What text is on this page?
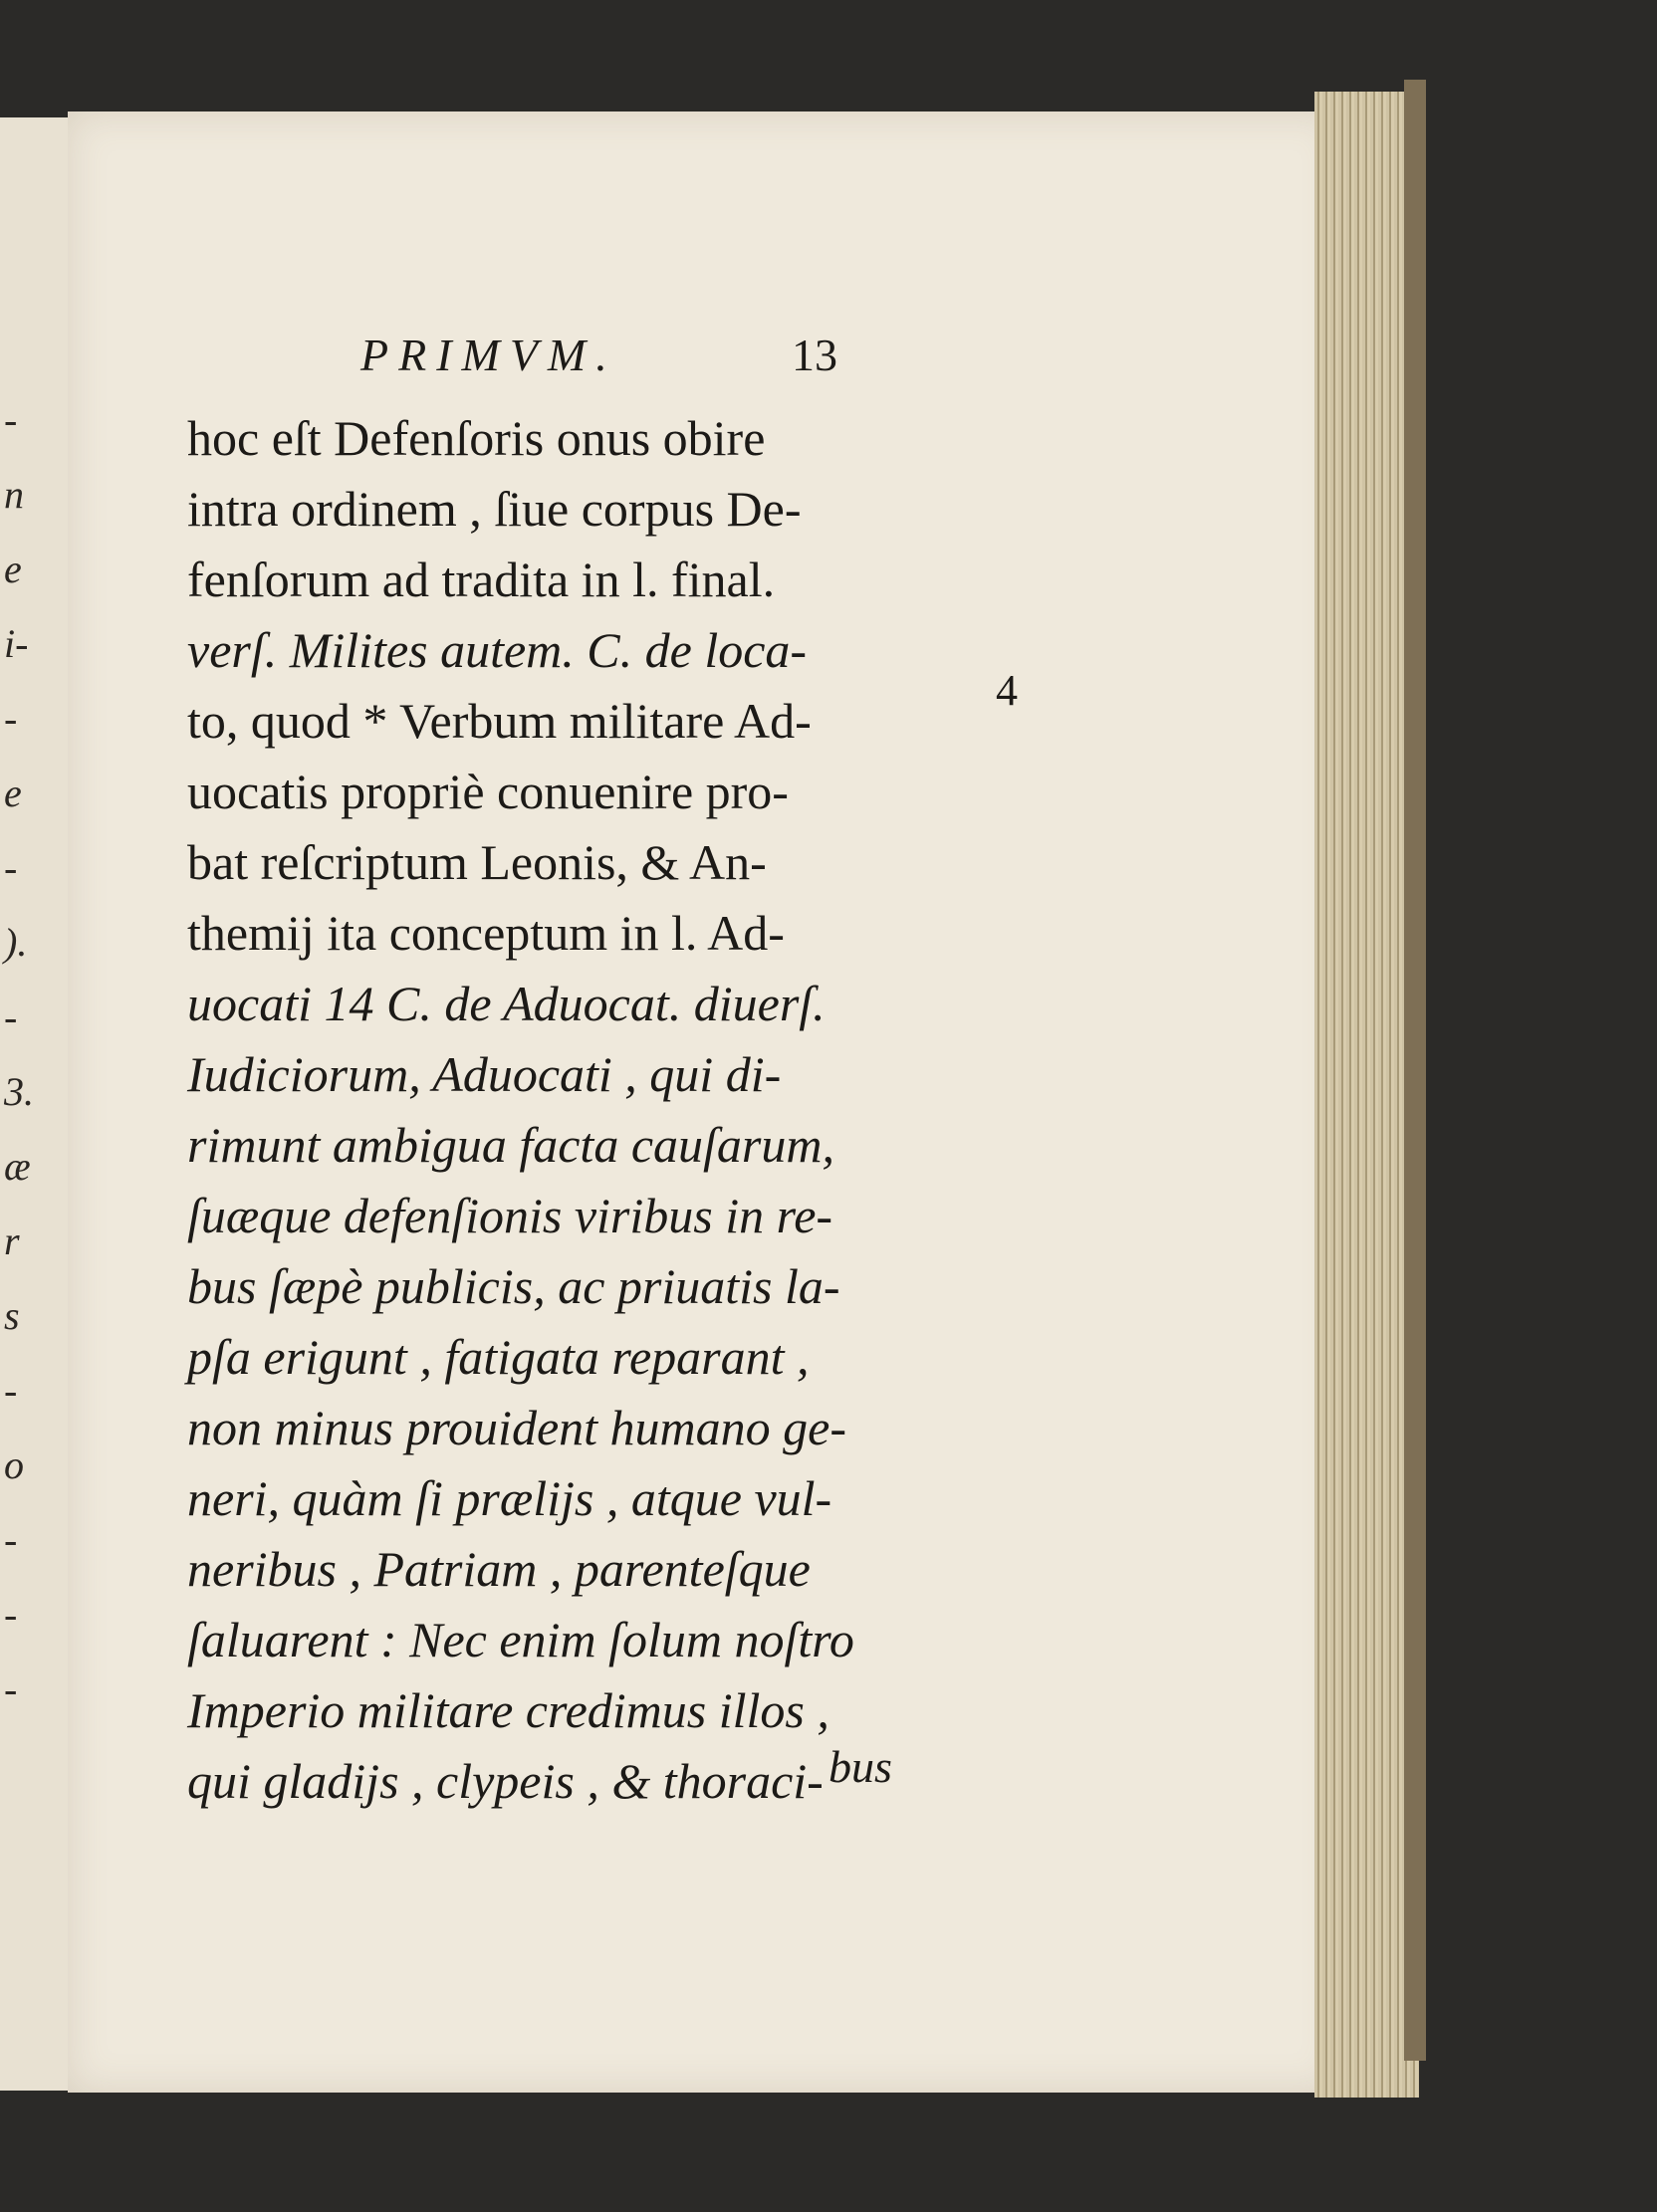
-
n
e
i-
-
e
-
).
-
3.
æ
r
s
-
o
-
-
-
PRIMVM.	13
4
hoc eſt Defenſoris onus obire
intra ordinem , ſiue corpus De-
fenſorum ad tradita in l. final.
verſ. Milites autem. C. de loca-
to, quod * Verbum militare Ad-
uocatis propriè conuenire pro-
bat reſcriptum Leonis, & An-
themij ita conceptum in l. Ad-
uocati 14 C. de Aduocat. diuerſ.
Iudiciorum, Aduocati , qui di-
rimunt ambigua facta cauſarum,
ſuæque defenſionis viribus in re-
bus ſæpè publicis, ac priuatis la-
pſa erigunt , fatigata reparant ,
non minus prouident humano ge-
neri, quàm ſi prælijs , atque vul-
neribus , Patriam , parenteſque
ſaluarent : Nec enim ſolum noſtro
Imperio militare credimus illos ,
qui gladijs , clypeis , & thoraci- bus
